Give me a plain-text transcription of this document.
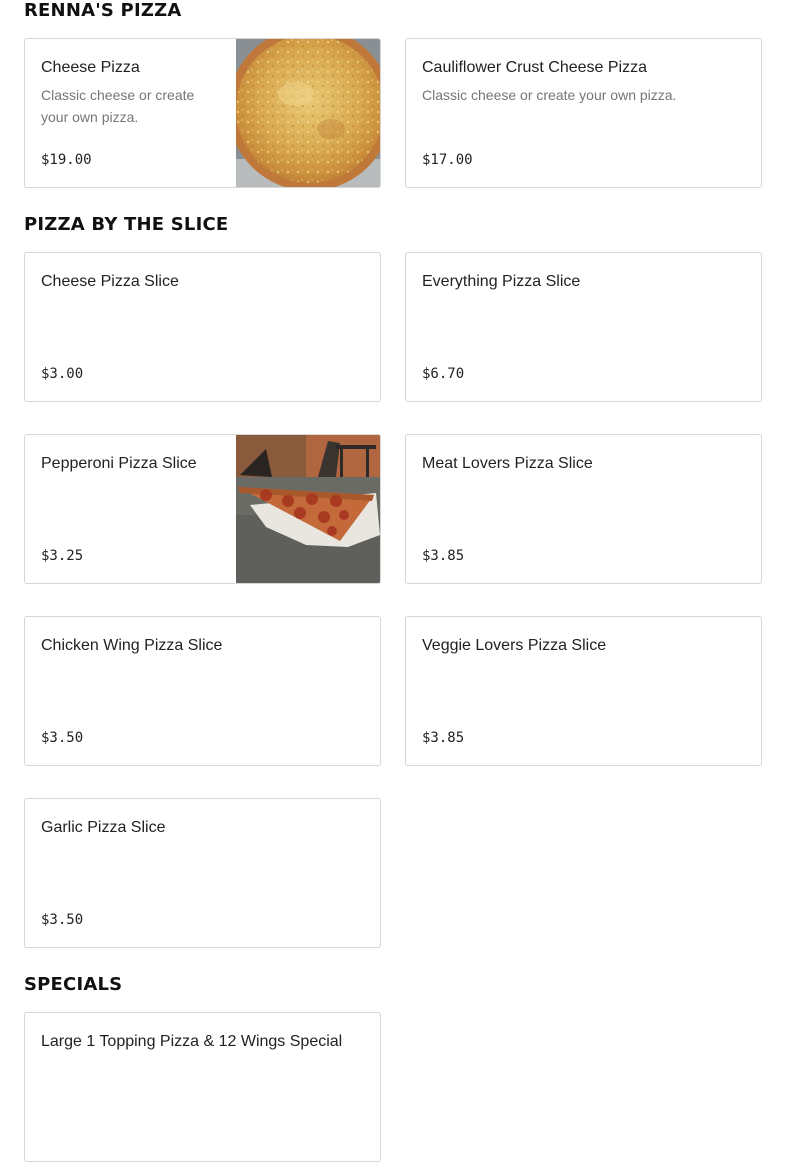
RENNA'S PIZZA
Cheese Pizza
Classic cheese or create your own pizza.
$19.00
Cauliflower Crust Cheese Pizza
Classic cheese or create your own pizza.
$17.00
PIZZA BY THE SLICE
Cheese Pizza Slice
$3.00
Everything Pizza Slice
$6.70
Pepperoni Pizza Slice
$3.25
Meat Lovers Pizza Slice
$3.85
Chicken Wing Pizza Slice
$3.50
Veggie Lovers Pizza Slice
$3.85
Garlic Pizza Slice
$3.50
SPECIALS
Large 1 Topping Pizza & 12 Wings Special
